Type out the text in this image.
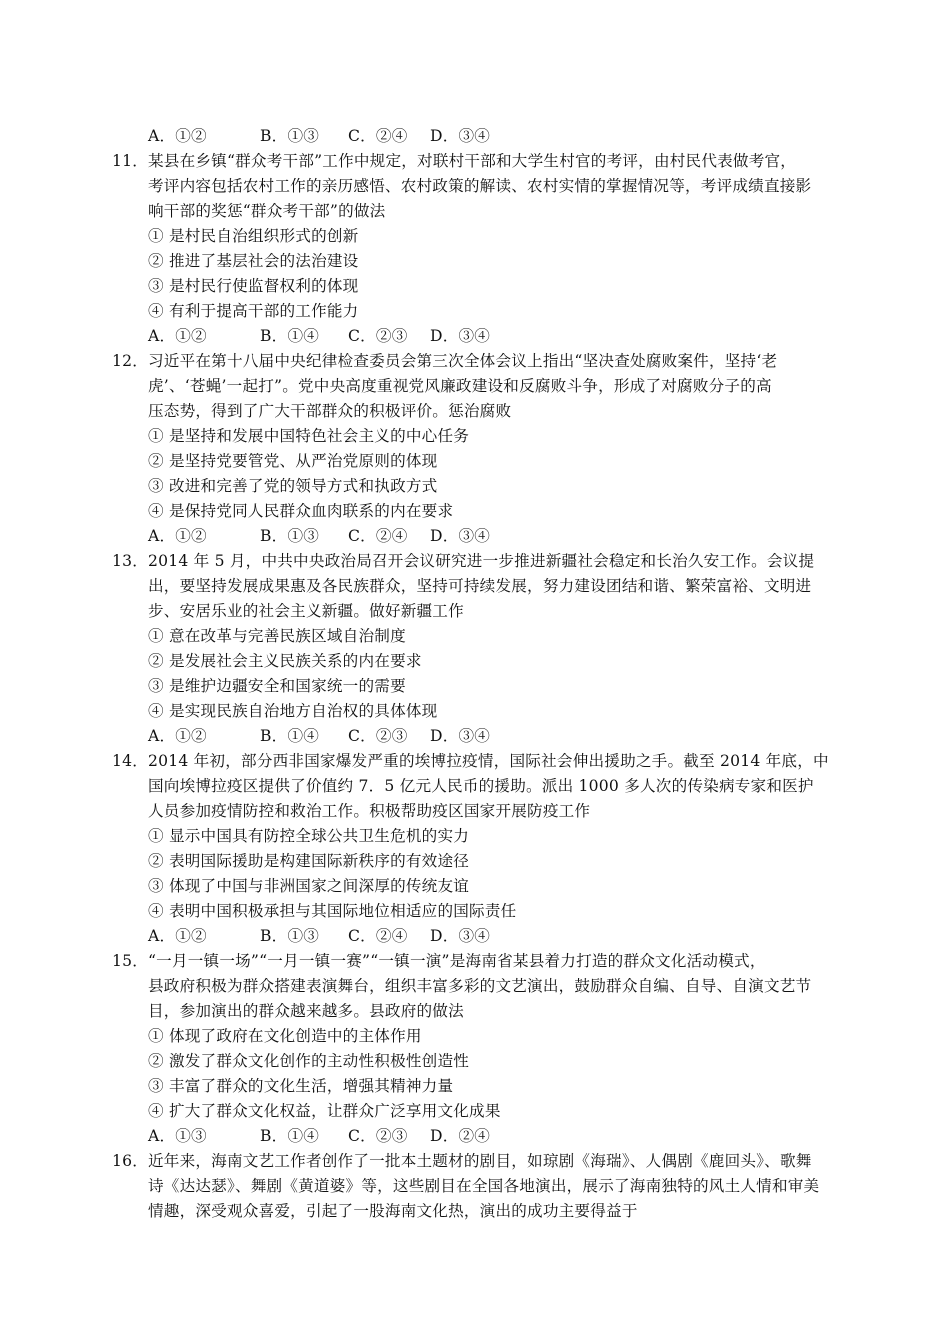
A．①②	B．①③ C．②④ D．③④
11． 某县在乡镇“群众考干部”工作中规定，对联村干部和大学生村官的考评，由村民代表做考官，
考评内容包括农村工作的亲历感悟、农村政策的解读、农村实情的掌握情况等，考评成绩直接影
响干部的奖惩“群众考干部”的做法
① 是村民自治组织形式的创新
② 推进了基层社会的法治建设
③ 是村民行使监督权利的体现
④ 有利于提高干部的工作能力
A．①②	B．①④ C．②③ D．③④
12． 习近平在第十八届中央纪律检查委员会第三次全体会议上指出“坚决查处腐败案件，坚持‘老
虎’、‘苍蝇’一起打”。党中央高度重视党风廉政建设和反腐败斗争，形成了对腐败分子的高
压态势，得到了广大干部群众的积极评价。惩治腐败
① 是坚持和发展中国特色社会主义的中心任务
② 是坚持党要管党、从严治党原则的体现
③ 改进和完善了党的领导方式和执政方式
④ 是保持党同人民群众血肉联系的内在要求
A．①②	B．①③ C．②④ D．③④
13． 2014 年 5 月，中共中央政治局召开会议研究进一步推进新疆社会稳定和长治久安工作。会议提
出，要坚持发展成果惠及各民族群众，坚持可持续发展，努力建设团结和谐、繁荣富裕、文明进
步、安居乐业的社会主义新疆。做好新疆工作
① 意在改革与完善民族区域自治制度
② 是发展社会主义民族关系的内在要求
③ 是维护边疆安全和国家统一的需要
④ 是实现民族自治地方自治权的具体体现
A．①②	B．①④ C．②③ D．③④
14． 2014 年初，部分西非国家爆发严重的埃博拉疫情，国际社会伸出援助之手。截至 2014 年底，中
国向埃博拉疫区提供了价值约 7．5 亿元人民币的援助。派出 1000 多人次的传染病专家和医护
人员参加疫情防控和救治工作。积极帮助疫区国家开展防疫工作
① 显示中国具有防控全球公共卫生危机的实力
② 表明国际援助是构建国际新秩序的有效途径
③ 体现了中国与非洲国家之间深厚的传统友谊
④ 表明中国积极承担与其国际地位相适应的国际责任
A．①②	B．①③ C．②④ D．③④
15． “一月一镇一场”“一月一镇一赛”“一镇一演”是海南省某县着力打造的群众文化活动模式，
县政府积极为群众搭建表演舞台，组织丰富多彩的文艺演出，鼓励群众自编、自导、自演文艺节
目，参加演出的群众越来越多。县政府的做法
① 体现了政府在文化创造中的主体作用
② 激发了群众文化创作的主动性积极性创造性
③ 丰富了群众的文化生活，增强其精神力量
④ 扩大了群众文化权益，让群众广泛享用文化成果
A．①③	B．①④ C．②③ D．②④
16． 近年来，海南文艺工作者创作了一批本土题材的剧目，如琼剧《海瑞》、人偶剧《鹿回头》、歌舞
诗《达达瑟》、舞剧《黄道婆》等，这些剧目在全国各地演出，展示了海南独特的风土人情和审美
情趣，深受观众喜爱，引起了一股海南文化热，演出的成功主要得益于
